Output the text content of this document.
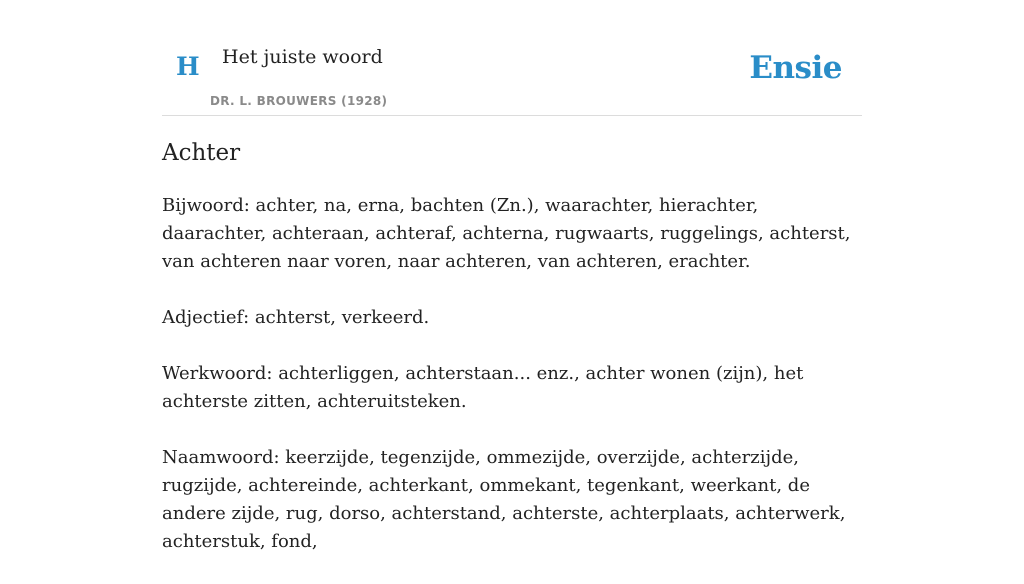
H Het juiste woord
DR. L. BROUWERS (1928)
Ensie
Achter

Bijwoord: achter, na, erna, bachten (Zn.), waarachter, hierachter, daarachter, achteraan, achteraf, achterna, rugwaarts, ruggelings, achterst, van achteren naar voren, naar achteren, van achteren, erachter.

Adjectief: achterst, verkeerd.

Werkwoord: achterliggen, achterstaan... enz., achter wonen (zijn), het achterste zitten, achteruitsteken.

Naamwoord: keerzijde, tegenzijde, ommezijde, overzijde, achterzijde, rugzijde, achtereinde, achterkant, ommekant, tegenkant, weerkant, de andere zijde, rug, dorso, achterstand, achterste, achterplaats, achterwerk, achterstuk, fond,
